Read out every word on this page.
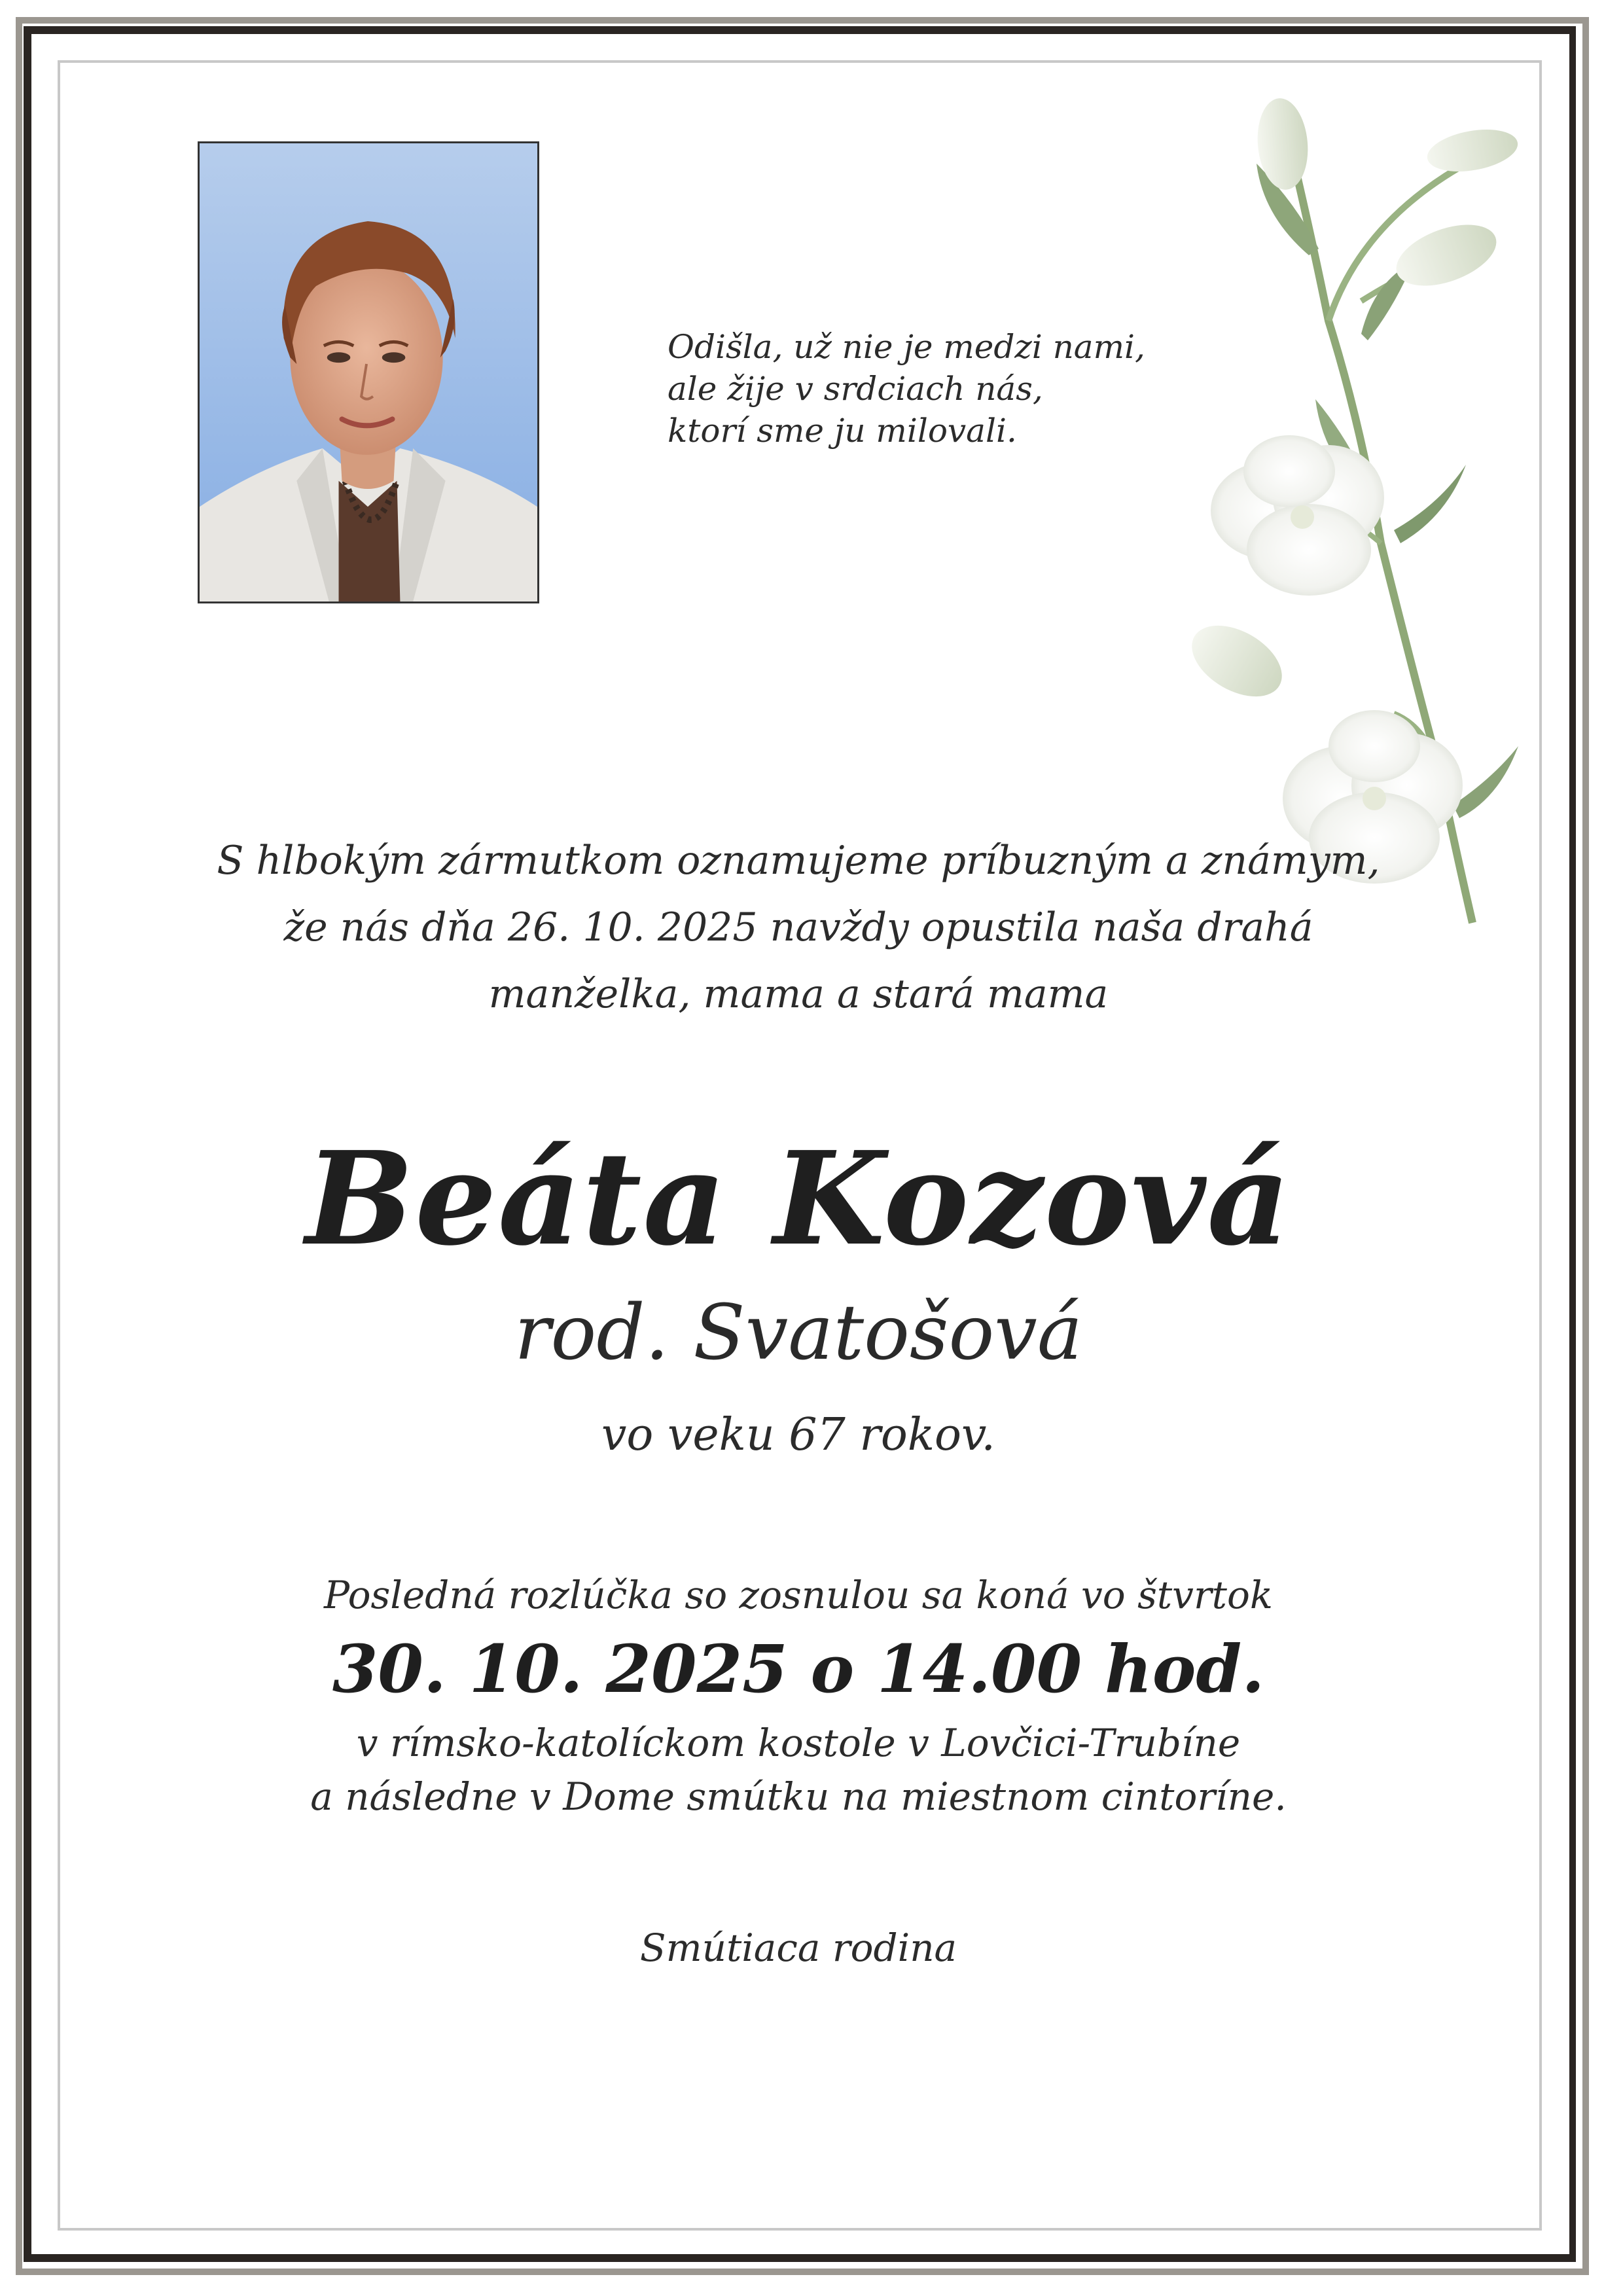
Odišla, už nie je medzi nami,
ale žije v srdciach nás,
ktorí sme ju milovali.
S hlbokým zármutkom oznamujeme príbuzným a známym,
že nás dňa 26. 10. 2025 navždy opustila naša drahá
manželka, mama a stará mama
Beáta Kozová
rod. Svatošová
vo veku 67 rokov.
Posledná rozlúčka so zosnulou sa koná vo štvrtok
30. 10. 2025 o 14.00 hod.
v rímsko-katolíckom kostole v Lovčici-Trubíne
a následne v Dome smútku na miestnom cintoríne.
Smútiaca rodina
